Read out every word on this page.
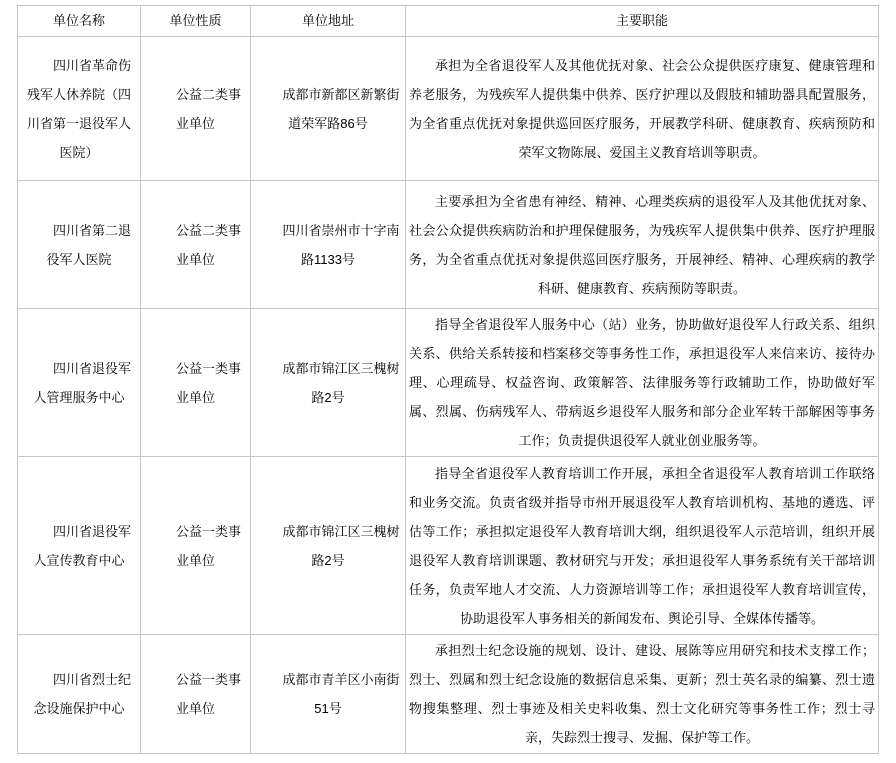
单位名称	单位性质	单位地址	主要职能
四川省革命伤残军人休养院（四川省第一退役军人医院）	公益二类事业单位	成都市新都区新繁街道荣军路86号	承担为全省退役军人及其他优抚对象、社会公众提供医疗康复、健康管理和养老服务，为残疾军人提供集中供养、医疗护理以及假肢和辅助器具配置服务，为全省重点优抚对象提供巡回医疗服务，开展教学科研、健康教育、疾病预防和荣军文物陈展、爱国主义教育培训等职责。
四川省第二退役军人医院	公益二类事业单位	四川省崇州市十字南路1133号	主要承担为全省患有神经、精神、心理类疾病的退役军人及其他优抚对象、社会公众提供疾病防治和护理保健服务，为残疾军人提供集中供养、医疗护理服务，为全省重点优抚对象提供巡回医疗服务，开展神经、精神、心理疾病的教学科研、健康教育、疾病预防等职责。
四川省退役军人管理服务中心	公益一类事业单位	成都市锦江区三槐树路2号	指导全省退役军人服务中心（站）业务，协助做好退役军人行政关系、组织关系、供给关系转接和档案移交等事务性工作，承担退役军人来信来访、接待办理、心理疏导、权益咨询、政策解答、法律服务等行政辅助工作，协助做好军属、烈属、伤病残军人、带病返乡退役军人服务和部分企业军转干部解困等事务工作；负责提供退役军人就业创业服务等。
四川省退役军人宣传教育中心	公益一类事业单位	成都市锦江区三槐树路2号	指导全省退役军人教育培训工作开展，承担全省退役军人教育培训工作联络和业务交流。负责省级并指导市州开展退役军人教育培训机构、基地的遴选、评估等工作；承担拟定退役军人教育培训大纲，组织退役军人示范培训，组织开展退役军人教育培训课题、教材研究与开发；承担退役军人事务系统有关干部培训任务，负责军地人才交流、人力资源培训等工作；承担退役军人教育培训宣传，协助退役军人事务相关的新闻发布、舆论引导、全媒体传播等。
四川省烈士纪念设施保护中心	公益一类事业单位	成都市青羊区小南街51号	承担烈士纪念设施的规划、设计、建设、展陈等应用研究和技术支撑工作；烈士、烈属和烈士纪念设施的数据信息采集、更新；烈士英名录的编纂、烈士遗物搜集整理、烈士事迹及相关史料收集、烈士文化研究等事务性工作；烈士寻亲，失踪烈士搜寻、发掘、保护等工作。
